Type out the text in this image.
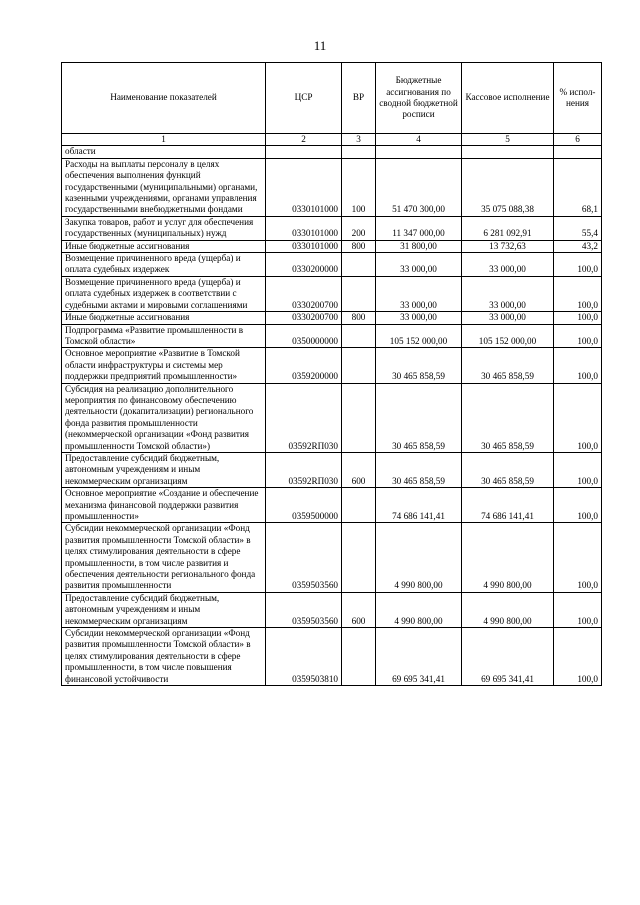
11
Наименование показателей	ЦСР	ВР	Бюджетные ассигнования по сводной бюджетной росписи	Кассовое исполнение	% испол-нения
1	2	3	4	5	6
области					
Расходы на выплаты персоналу в целях обеспечения выполнения функций государственными (муниципальными) органами, казенными учреждениями, органами управления государственными внебюджетными фондами	0330101000	100	51 470 300,00	35 075 088,38	68,1
Закупка товаров, работ и услуг для обеспечения государственных (муниципальных) нужд	0330101000	200	11 347 000,00	6 281 092,91	55,4
Иные бюджетные ассигнования	0330101000	800	31 800,00	13 732,63	43,2
Возмещение причиненного вреда (ущерба) и оплата судебных издержек	0330200000		33 000,00	33 000,00	100,0
Возмещение причиненного вреда (ущерба) и оплата судебных издержек в соответствии с судебными актами и мировыми соглашениями	0330200700		33 000,00	33 000,00	100,0
Иные бюджетные ассигнования	0330200700	800	33 000,00	33 000,00	100,0
Подпрограмма «Развитие промышленности в Томской области»	0350000000		105 152 000,00	105 152 000,00	100,0
Основное мероприятие «Развитие в Томской области инфраструктуры и системы мер поддержки предприятий промышленности»	0359200000		30 465 858,59	30 465 858,59	100,0
Субсидия на реализацию дополнительного мероприятия по финансовому обеспечению деятельности (докапитализации) регионального фонда развития промышленности (некоммерческой организации «Фонд развития промышленности Томской области»)	03592RП030		30 465 858,59	30 465 858,59	100,0
Предоставление субсидий бюджетным, автономным учреждениям и иным некоммерческим организациям	03592RП030	600	30 465 858,59	30 465 858,59	100,0
Основное мероприятие «Создание и обеспечение механизма финансовой поддержки развития промышленности»	0359500000		74 686 141,41	74 686 141,41	100,0
Субсидии некоммерческой организации «Фонд развития промышленности Томской области» в целях стимулирования деятельности в сфере промышленности, в том числе развития и обеспечения деятельности регионального фонда развития промышленности	0359503560		4 990 800,00	4 990 800,00	100,0
Предоставление субсидий бюджетным, автономным учреждениям и иным некоммерческим организациям	0359503560	600	4 990 800,00	4 990 800,00	100,0
Субсидии некоммерческой организации «Фонд развития промышленности Томской области» в целях стимулирования деятельности в сфере промышленности, в том числе повышения финансовой устойчивости	0359503810		69 695 341,41	69 695 341,41	100,0
